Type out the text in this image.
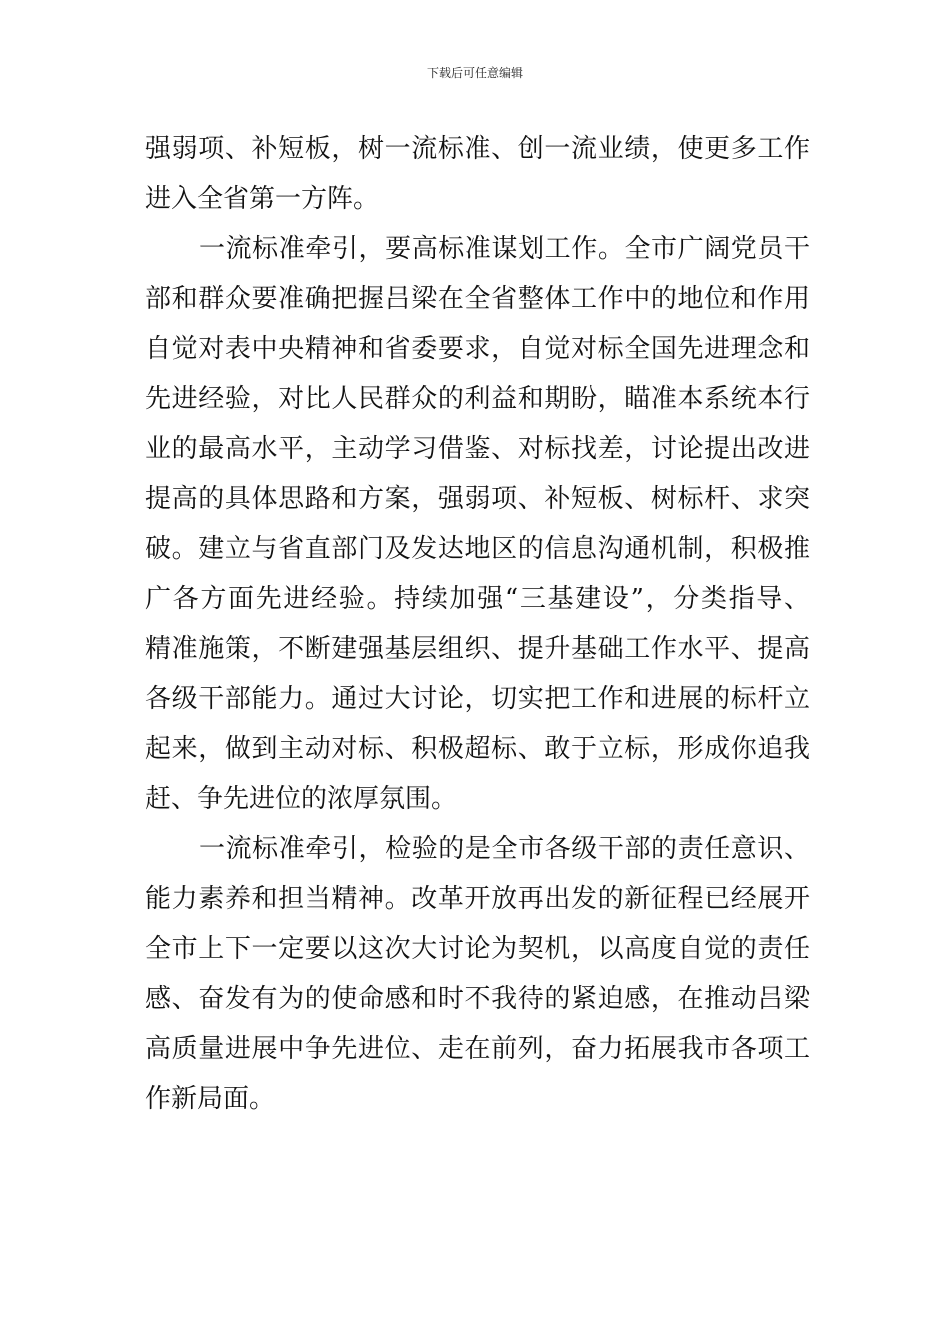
下载后可任意编辑
强弱项、补短板，树一流标准、创一流业绩，使更多工作
进入全省第一方阵。
一流标准牵引，要高标准谋划工作。全市广阔党员干
部和群众要准确把握吕梁在全省整体工作中的地位和作用
自觉对表中央精神和省委要求，自觉对标全国先进理念和
先进经验，对比人民群众的利益和期盼，瞄准本系统本行
业的最高水平，主动学习借鉴、对标找差，讨论提出改进
提高的具体思路和方案，强弱项、补短板、树标杆、求突
破。建立与省直部门及发达地区的信息沟通机制，积极推
广各方面先进经验。持续加强“三基建设”，分类指导、
精准施策，不断建强基层组织、提升基础工作水平、提高
各级干部能力。通过大讨论，切实把工作和进展的标杆立
起来，做到主动对标、积极超标、敢于立标，形成你追我
赶、争先进位的浓厚氛围。
一流标准牵引，检验的是全市各级干部的责任意识、
能力素养和担当精神。改革开放再出发的新征程已经展开
全市上下一定要以这次大讨论为契机，以高度自觉的责任
感、奋发有为的使命感和时不我待的紧迫感，在推动吕梁
高质量进展中争先进位、走在前列，奋力拓展我市各项工
作新局面。
